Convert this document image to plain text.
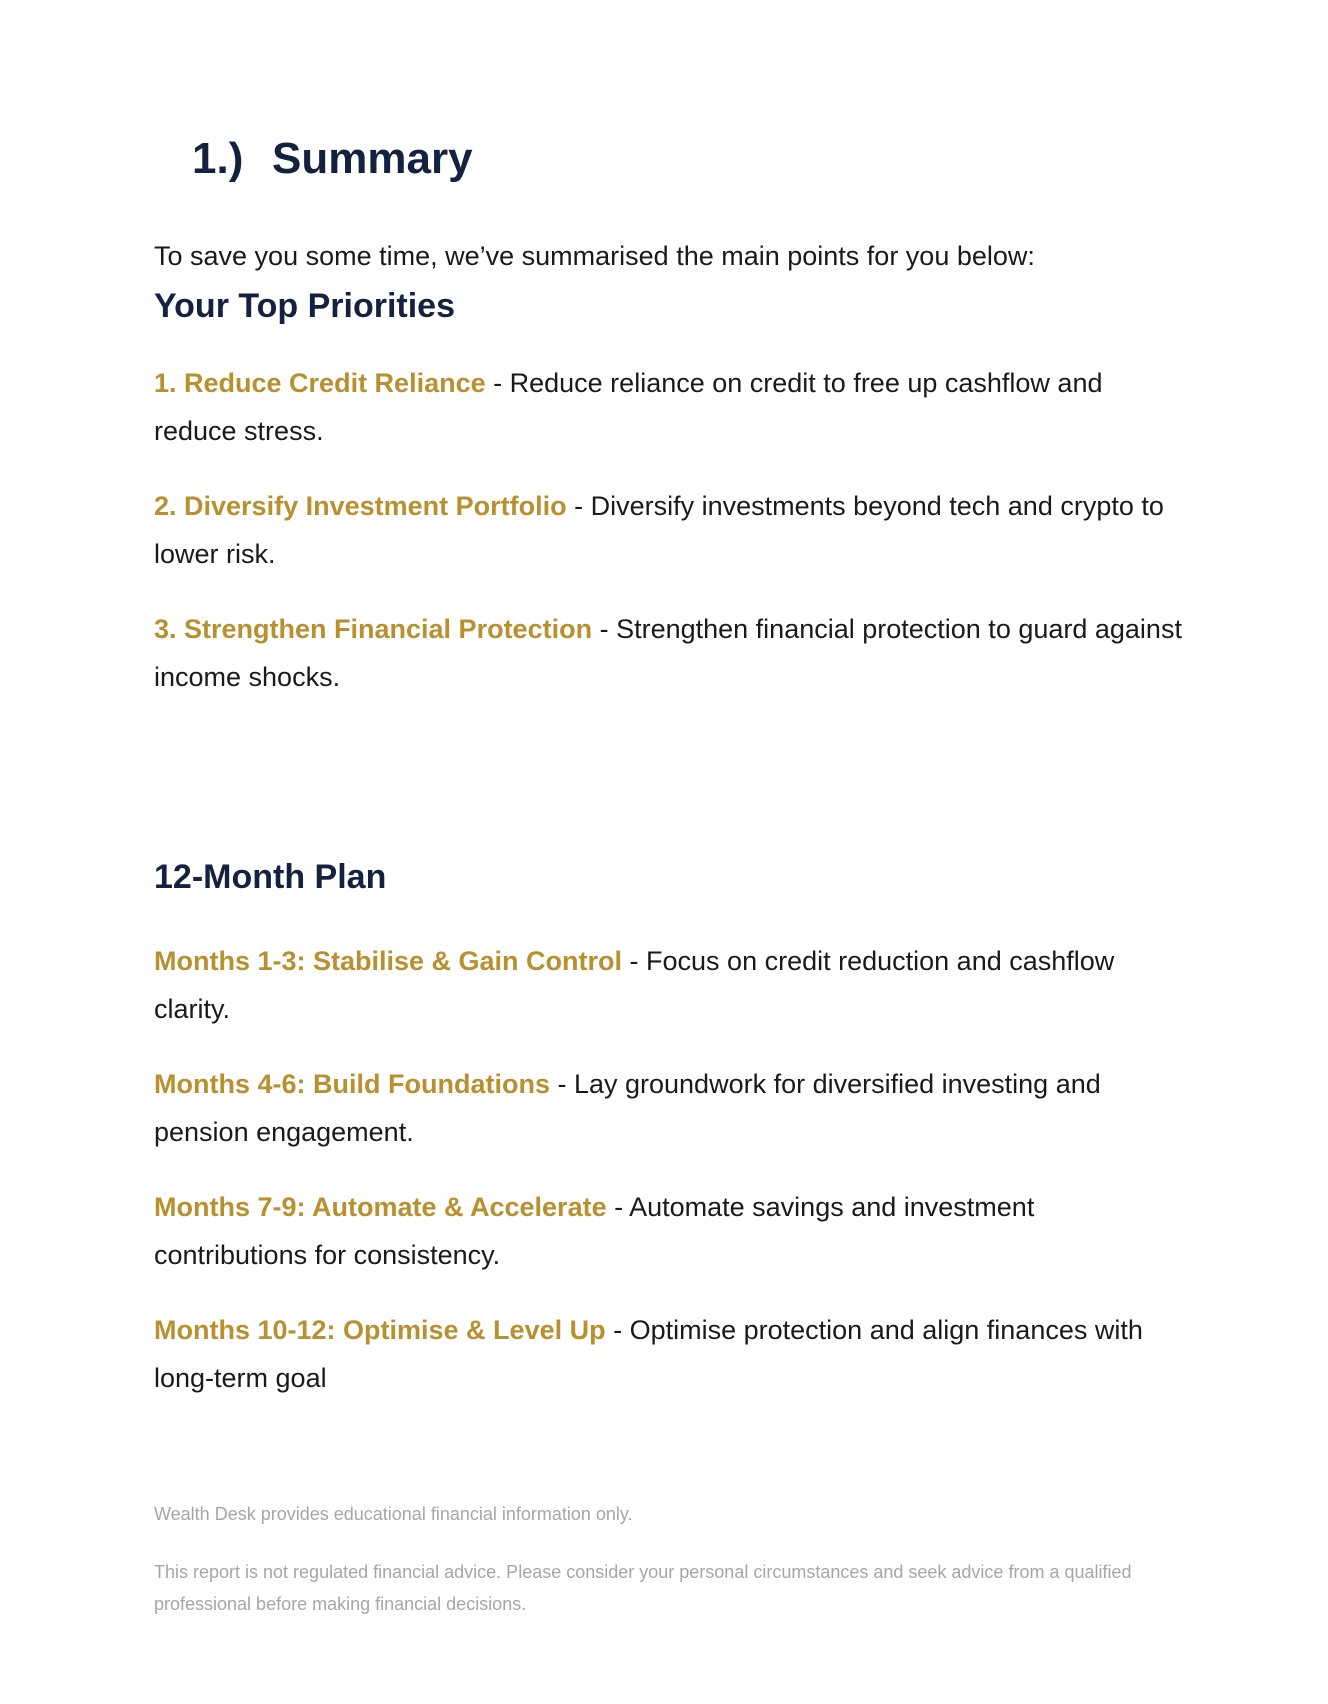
1.) Summary

To save you some time, we’ve summarised the main points for you below:

Your Top Priorities

1. Reduce Credit Reliance - Reduce reliance on credit to free up cashflow and reduce stress.

2. Diversify Investment Portfolio - Diversify investments beyond tech and crypto to lower risk.

3. Strengthen Financial Protection - Strengthen financial protection to guard against income shocks.

12-Month Plan

Months 1-3: Stabilise & Gain Control - Focus on credit reduction and cashflow clarity.

Months 4-6: Build Foundations - Lay groundwork for diversified investing and pension engagement.

Months 7-9: Automate & Accelerate - Automate savings and investment contributions for consistency.

Months 10-12: Optimise & Level Up - Optimise protection and align finances with long-term goal

Wealth Desk provides educational financial information only.

This report is not regulated financial advice. Please consider your personal circumstances and seek advice from a qualified professional before making financial decisions.
